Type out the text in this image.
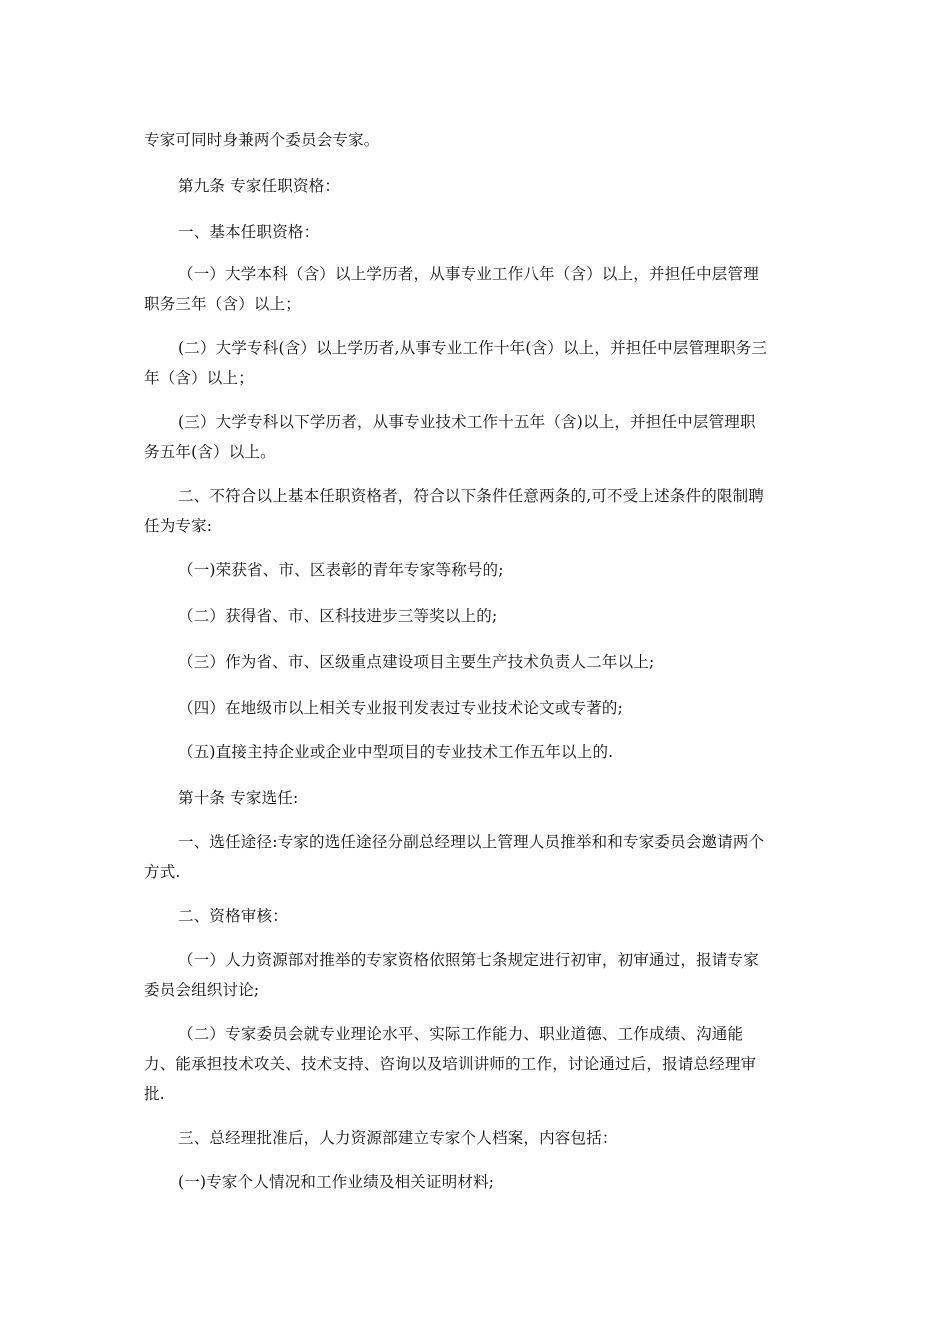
专家可同时身兼两个委员会专家。
第九条 专家任职资格：
一、基本任职资格：
（一）大学本科（含）以上学历者，从事专业工作八年（含）以上，并担任中层管理
职务三年（含）以上；
(二）大学专科(含）以上学历者,从事专业工作十年(含）以上，并担任中层管理职务三
年（含）以上；
(三）大学专科以下学历者，从事专业技术工作十五年（含)以上，并担任中层管理职
务五年(含）以上。
二、不符合以上基本任职资格者，符合以下条件任意两条的,可不受上述条件的限制聘
任为专家:
（一)荣获省、市、区表彰的青年专家等称号的;
（二）获得省、市、区科技进步三等奖以上的;
（三）作为省、市、区级重点建设项目主要生产技术负责人二年以上;
（四）在地级市以上相关专业报刊发表过专业技术论文或专著的;
（五)直接主持企业或企业中型项目的专业技术工作五年以上的.
第十条 专家选任:
一、选任途径:专家的选任途径分副总经理以上管理人员推举和和专家委员会邀请两个
方式.
二、资格审核：
（一）人力资源部对推举的专家资格依照第七条规定进行初审，初审通过，报请专家
委员会组织讨论;
（二）专家委员会就专业理论水平、实际工作能力、职业道德、工作成绩、沟通能
力、能承担技术攻关、技术支持、咨询以及培训讲师的工作，讨论通过后，报请总经理审
批.
三、总经理批准后，人力资源部建立专家个人档案，内容包括：
(一)专家个人情况和工作业绩及相关证明材料;
